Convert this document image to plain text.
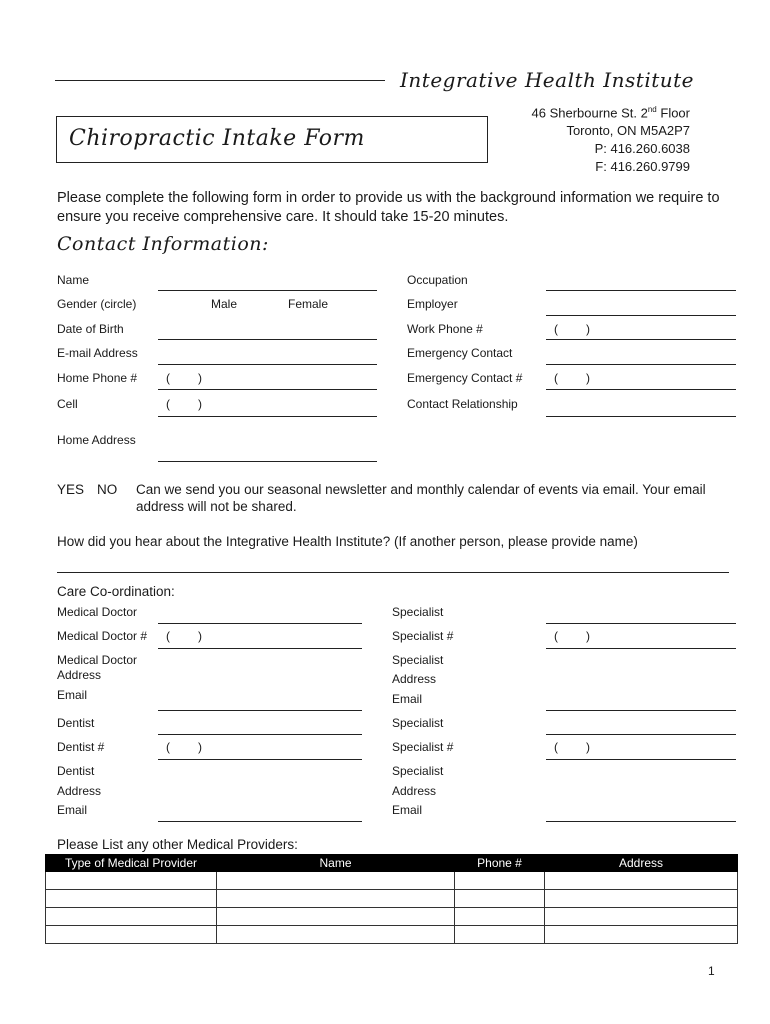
Integrative Health Institute
Chiropractic Intake Form
46 Sherbourne St. 2nd Floor
Toronto, ON M5A2P7
P: 416.260.6038
F: 416.260.9799
Please complete the following form in order to provide us with the background information we require to ensure you receive comprehensive care. It should take 15-20 minutes.
Contact Information:
Name
Gender (circle)	Male	Female
Date of Birth
E-mail Address
Home Phone # ( )
Cell	( )
Home Address
Occupation
Employer
Work Phone #	( )
Emergency Contact
Emergency Contact #	( )
Contact Relationship
YES NO Can we send you our seasonal newsletter and monthly calendar of events via email. Your email
address will not be shared.
How did you hear about the Integrative Health Institute? (If another person, please provide name)
Care Co-ordination:
Medical Doctor
Medical Doctor # ( )
Medical Doctor
Address
Email
Dentist
Dentist #	( )
Dentist
Address
Email
Specialist
Specialist #	( )
Specialist
Address
Email
Specialist
Specialist #	( )
Specialist
Address
Email
Please List any other Medical Providers:
Type of Medical Provider	Name	Phone #	Address

1
